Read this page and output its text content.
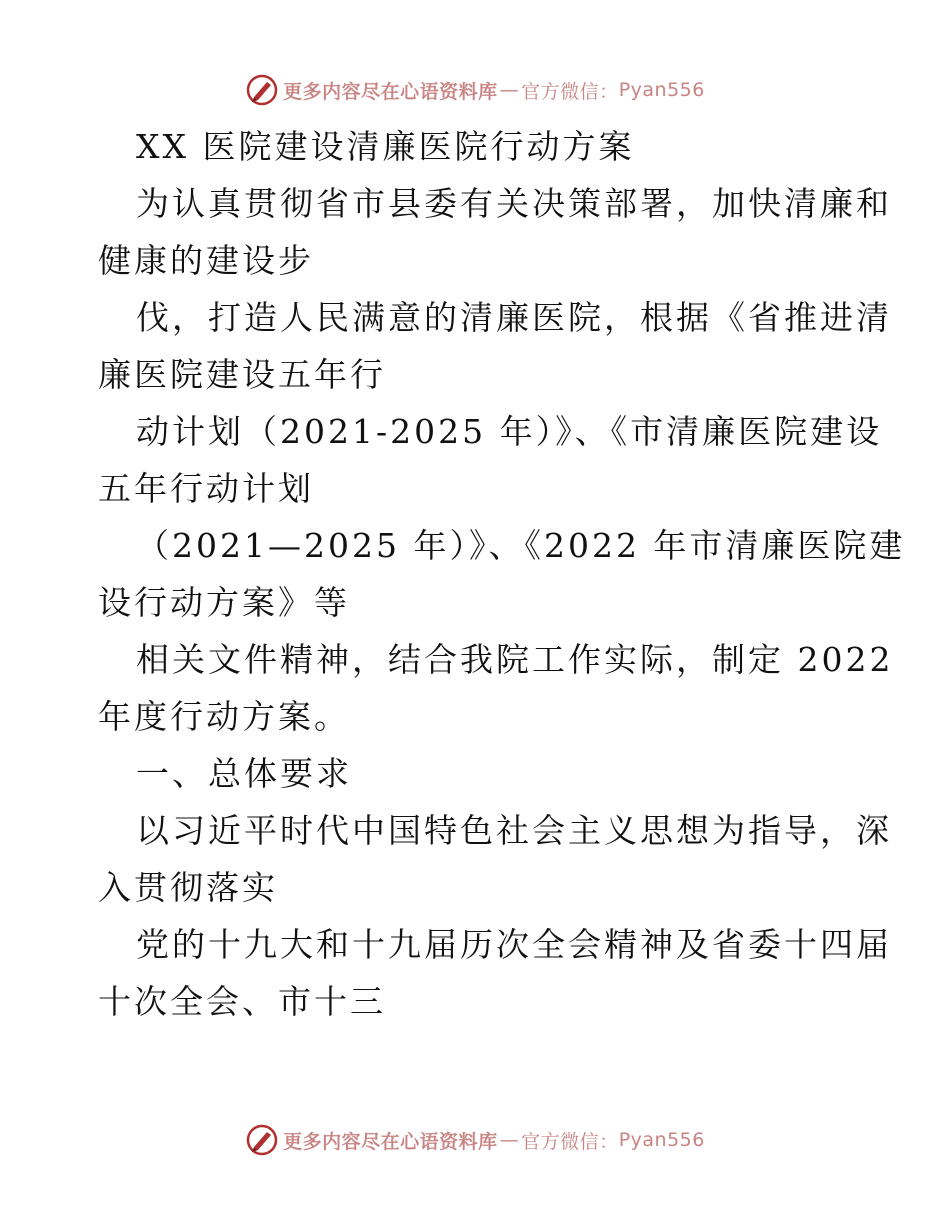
更多内容尽在心语资料库 — 官方微信： Pyan556
XX 医院建设清廉医院行动方案
为认真贯彻省市县委有关决策部署，加快清廉和
健康的建设步
伐，打造人民满意的清廉医院，根据《省推进清
廉医院建设五年行
动计划（2021-2025 年）》、《市清廉医院建设
五年行动计划
（2021—2025 年）》、《2022 年市清廉医院建
设行动方案》等
相关文件精神，结合我院工作实际，制定 2022
年度行动方案。
一、总体要求
以习近平时代中国特色社会主义思想为指导，深
入贯彻落实
党的十九大和十九届历次全会精神及省委十四届
十次全会、市十三
更多内容尽在心语资料库 — 官方微信： Pyan556
